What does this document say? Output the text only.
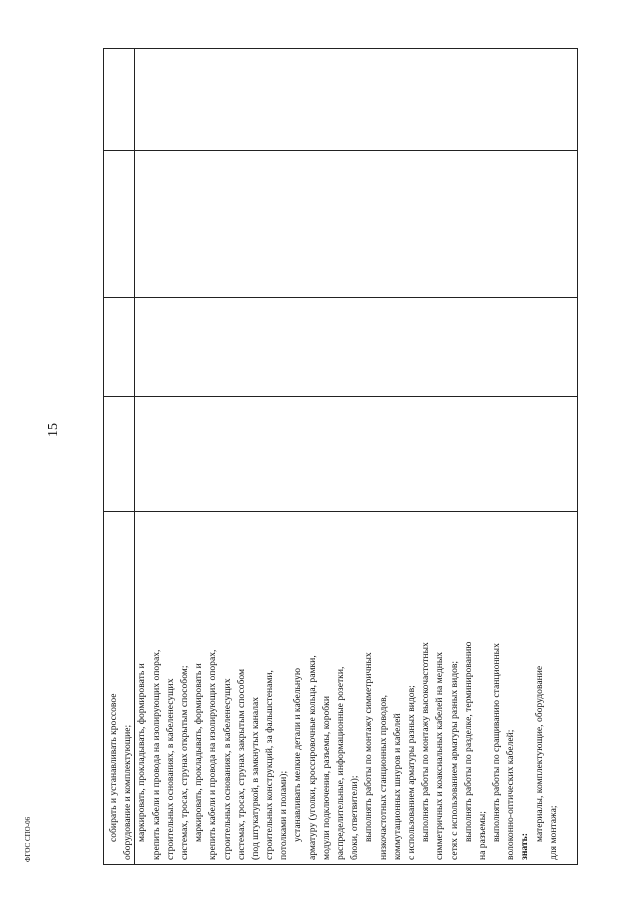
15
ФГОС СПО-06	собирать и устанавливать кроссовое оборудование и комплектующие; маркировать, прокладывать, формировать и крепить кабели и провода на изолирующих опорах, строительных основаниях, в кабеленесущих системах, тросах, струнах открытым способом; маркировать, прокладывать, формировать и крепить кабели и провода на изолирующих опорах, строительных основаниях, в кабеленесущих системах, тросах, струнах закрытым способом (под штукатуркой, в замкнутых каналах строительных конструкций, за фальшстенами, потолками и полами); устанавливать мелкие детали и кабельную арматуру (уголки, кроссировочные кольца, рамки, модули подключения, разъемы, коробки распределительные, информационные розетки, блоки, ответвители); выполнять работы по монтажу симметричных низкочастотных станционных проводов, коммутационных шнуров и кабелей с использованием арматуры разных видов; выполнять работы по монтажу высокочастотных симметричных и коаксиальных кабелей на медных сетях с использованием арматуры разных видов; выполнять работы по разделке, терминированию на разъемы; выполнять работы по сращиванию станционных волоконно-оптических кабелей; знать:
материалы, комплектующие, оборудование для монтажа;
